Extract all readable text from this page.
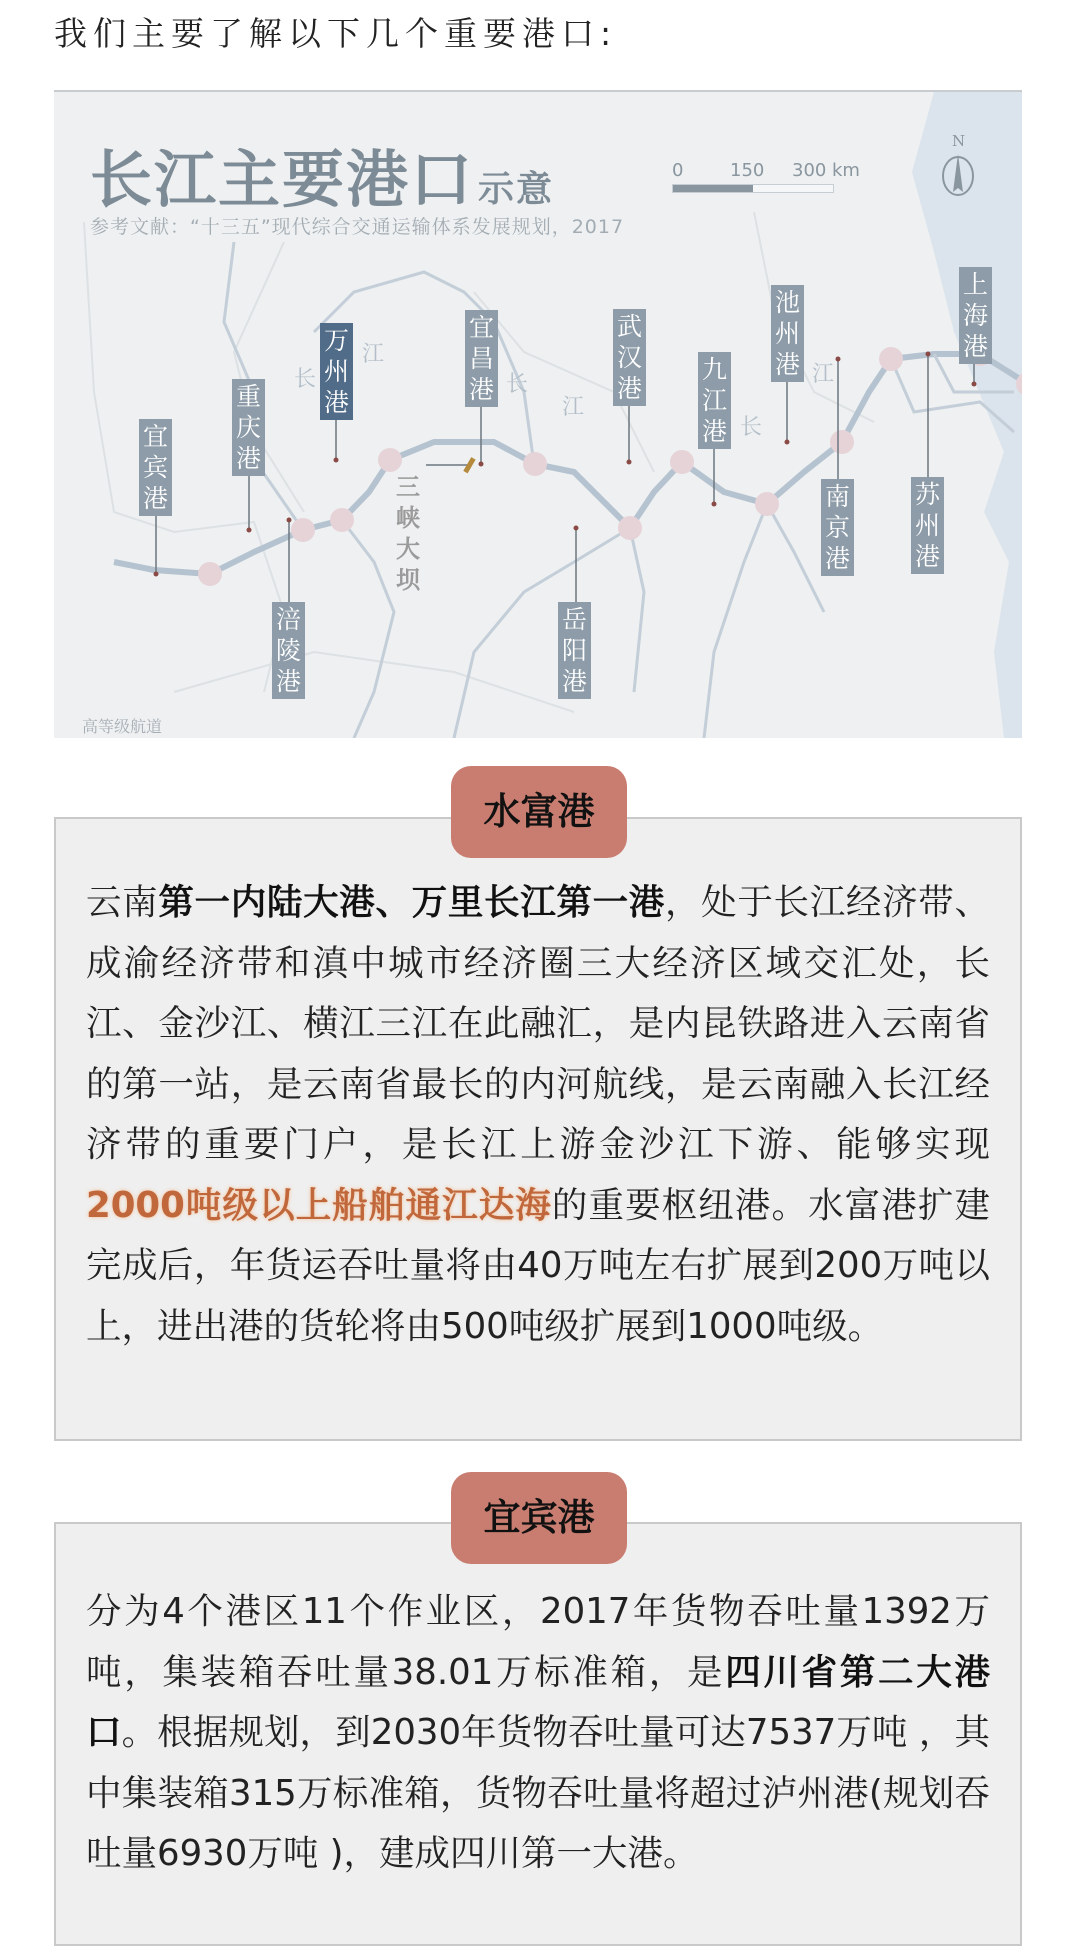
我们主要了解以下几个重要港口:
长江主要港口 示意
参考文献：“十三五”现代综合交通运输体系发展规划，2017
0	150 300 km
N
长
江
长
江
长
江
宜宾港
重庆港
万州港
宜昌港
武汉港
九江港
池州港
上海港
南京港
苏州港
涪陵港
岳阳港
三峡大坝
高等级航道
水富港

云南第一内陆大港、万里长江第一港，处于长江经济带、成渝经济带和滇中城市经济圈三大经济区域交汇处，长江、金沙江、横江三江在此融汇，是内昆铁路进入云南省的第一站，是云南省最长的内河航线，是云南融入长江经济带的重要门户，是长江上游金沙江下游、能够实现2000吨级以上船舶通江达海的重要枢纽港。水富港扩建完成后，年货运吞吐量将由40万吨左右扩展到200万吨以上，进出港的货轮将由500吨级扩展到1000吨级。

宜宾港

分为4个港区11个作业区，2017年货物吞吐量1392万吨，集装箱吞吐量38.01万标准箱，是四川省第二大港口。根据规划，到2030年货物吞吐量可达7537万吨 ，其中集装箱315万标准箱，货物吞吐量将超过泸州港(规划吞吐量6930万吨 )，建成四川第一大港。
